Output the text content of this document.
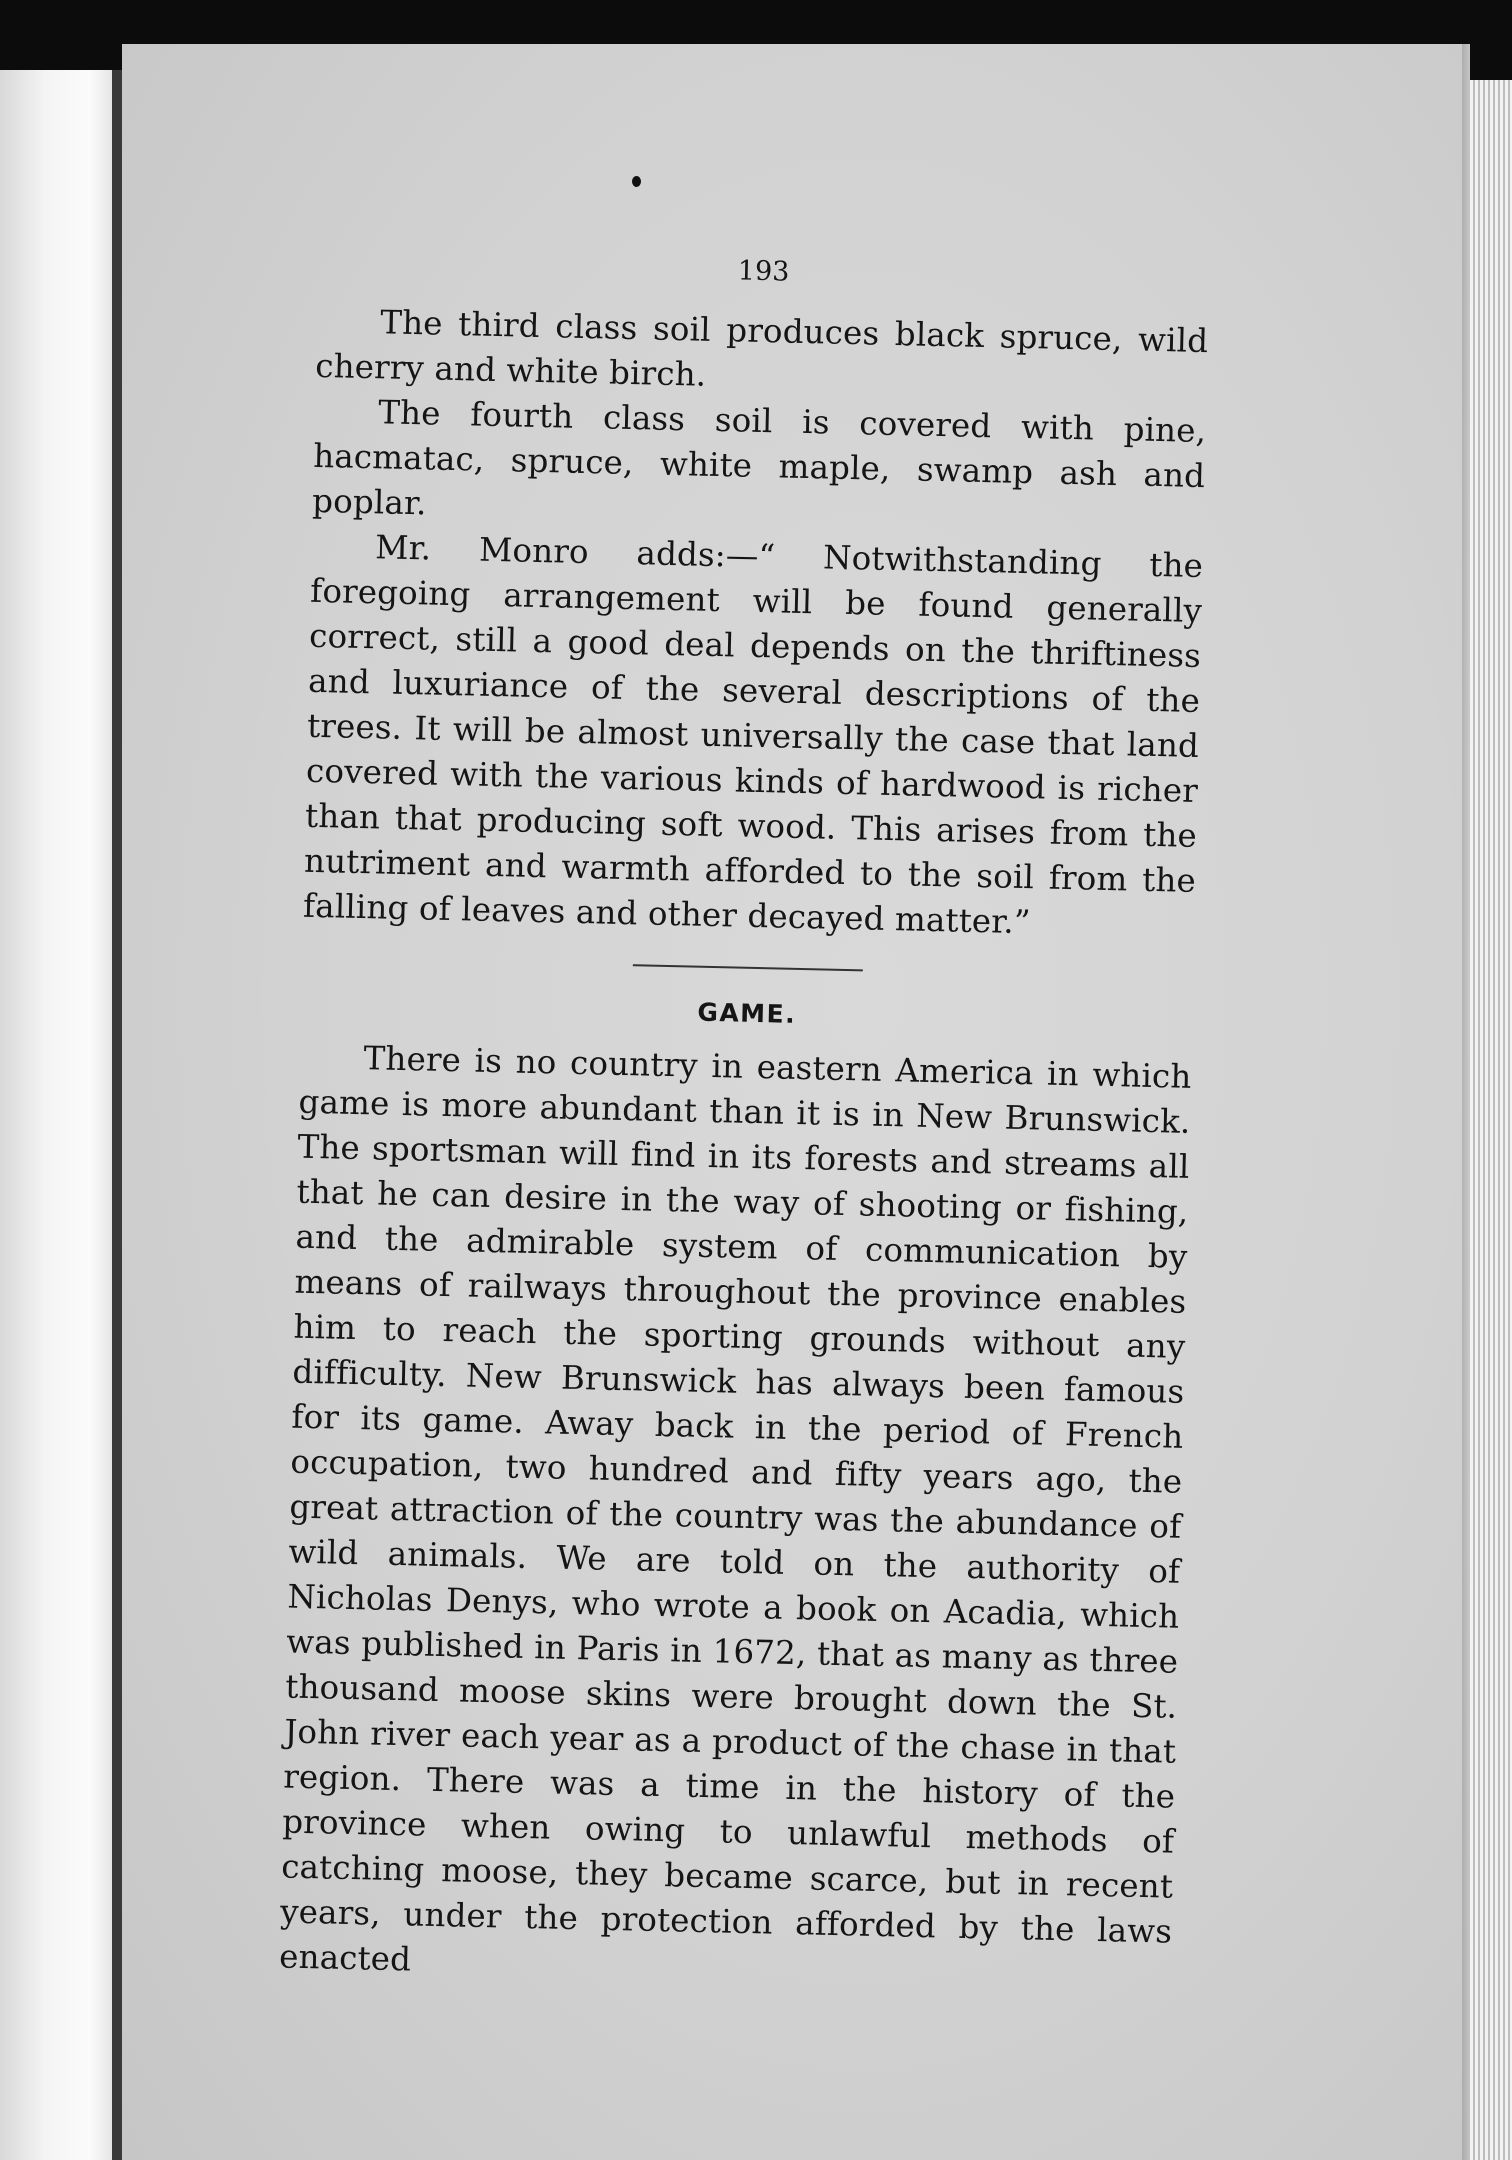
193

The third class soil produces black spruce, wild cherry and white birch.

The fourth class soil is covered with pine, hacmatac, spruce, white maple, swamp ash and poplar.

Mr. Monro adds:—“ Notwithstanding the foregoing arrangement will be found generally correct, still a good deal depends on the thriftiness and luxuriance of the several descriptions of the trees. It will be almost universally the case that land covered with the various kinds of hardwood is richer than that producing soft wood. This arises from the nutriment and warmth afforded to the soil from the falling of leaves and other decayed matter.”

GAME.

There is no country in eastern America in which game is more abundant than it is in New Brunswick. The sportsman will find in its forests and streams all that he can desire in the way of shooting or fishing, and the admirable system of communication by means of railways throughout the province enables him to reach the sporting grounds without any difficulty. New Brunswick has always been famous for its game. Away back in the period of French occupation, two hundred and fifty years ago, the great attraction of the country was the abundance of wild animals. We are told on the authority of Nicholas Denys, who wrote a book on Acadia, which was published in Paris in 1672, that as many as three thousand moose skins were brought down the St. John river each year as a product of the chase in that region. There was a time in the history of the province when owing to unlawful methods of catching moose, they became scarce, but in recent years, under the protection afforded by the laws enacted
